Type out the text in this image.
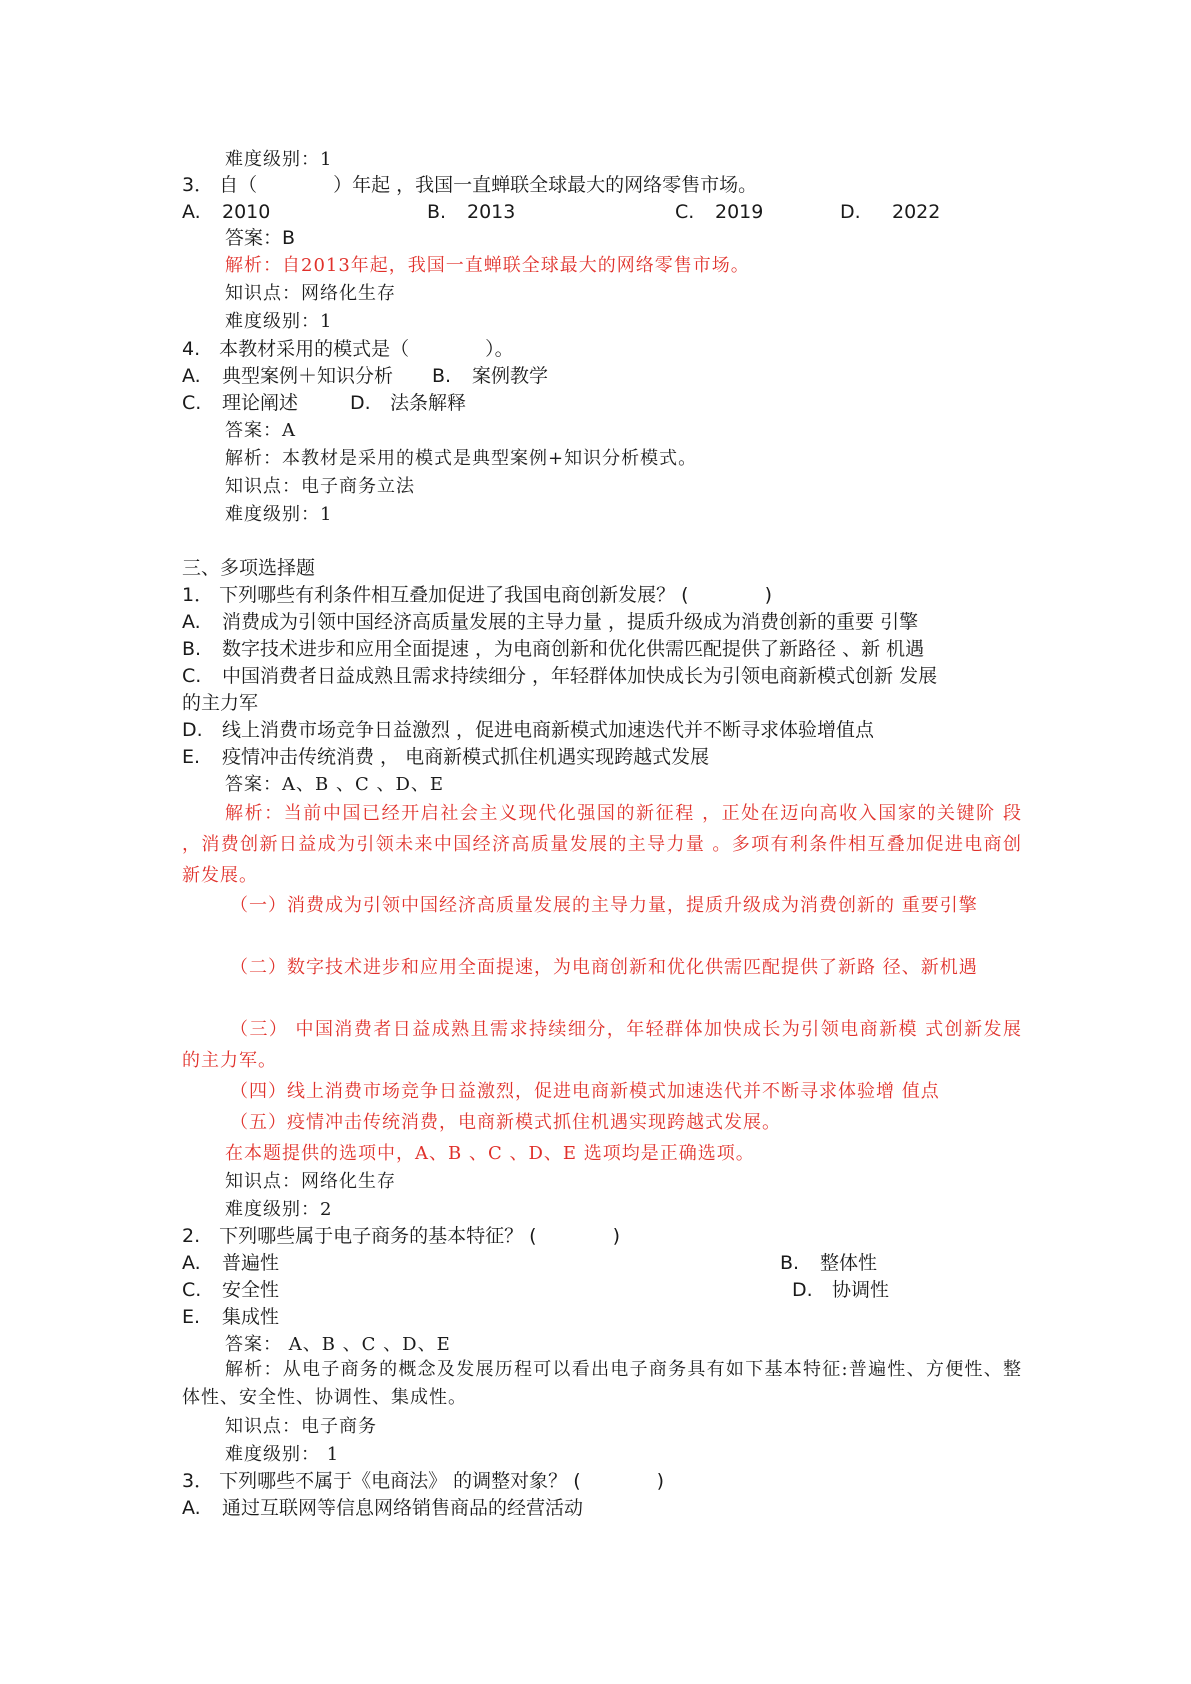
难度级别：1
3． 自（　　　　）年起 ，我国一直蝉联全球最大的网络零售市场。
A. 2010	B. 2013	C. 2019	D. 2022
答案：B
解析：自2013年起，我国一直蝉联全球最大的网络零售市场。
知识点：网络化生存
难度级别：1
4.　本教材采用的模式是（　　　　）。
A. 典型案例＋知识分析 B. 案例教学
C. 理论阐述	D. 法条解释
答案：A
解析：本教材是采用的模式是典型案例+知识分析模式。
知识点：电子商务立法
难度级别：1
三、多项选择题
1． 下列哪些有利条件相互叠加促进了我国电商创新发展？ (　　　　)
A. 消费成为引领中国经济高质量发展的主导力量 ，提质升级成为消费创新的重要 引擎
B. 数字技术进步和应用全面提速 ，为电商创新和优化供需匹配提供了新路径 、新 机遇
C. 中国消费者日益成熟且需求持续细分 ，年轻群体加快成长为引领电商新模式创新 发展
的主力军
D. 线上消费市场竞争日益激烈 ，促进电商新模式加速迭代并不断寻求体验增值点
E. 疫情冲击传统消费 ， 电商新模式抓住机遇实现跨越式发展
答案：A、B 、C 、D、E
解析：当前中国已经开启社会主义现代化强国的新征程 ，正处在迈向高收入国家的关键阶 段 ，消费创新日益成为引领未来中国经济高质量发展的主导力量 。多项有利条件相互叠加促进电商创新发展。
（一）消费成为引领中国经济高质量发展的主导力量，提质升级成为消费创新的 重要引擎
（二）数字技术进步和应用全面提速，为电商创新和优化供需匹配提供了新路 径、新机遇
（三） 中国消费者日益成熟且需求持续细分，年轻群体加快成长为引领电商新模 式创新发展的主力军。
（四）线上消费市场竞争日益激烈，促进电商新模式加速迭代并不断寻求体验增 值点
（五）疫情冲击传统消费，电商新模式抓住机遇实现跨越式发展。
在本题提供的选项中，A、B 、C 、D、E 选项均是正确选项。
知识点：网络化生存
难度级别：2
2.　下列哪些属于电子商务的基本特征？ (　　　　)
A. 普遍性	B. 整体性
C. 安全性	D. 协调性
E. 集成性
答案： A、B 、C 、D、E
解析：从电子商务的概念及发展历程可以看出电子商务具有如下基本特征:普遍性、方便性、整体性、安全性、协调性、集成性。
知识点：电子商务
难度级别： 1
3． 下列哪些不属于《电商法》 的调整对象？ (　　　　)
A. 通过互联网等信息网络销售商品的经营活动
